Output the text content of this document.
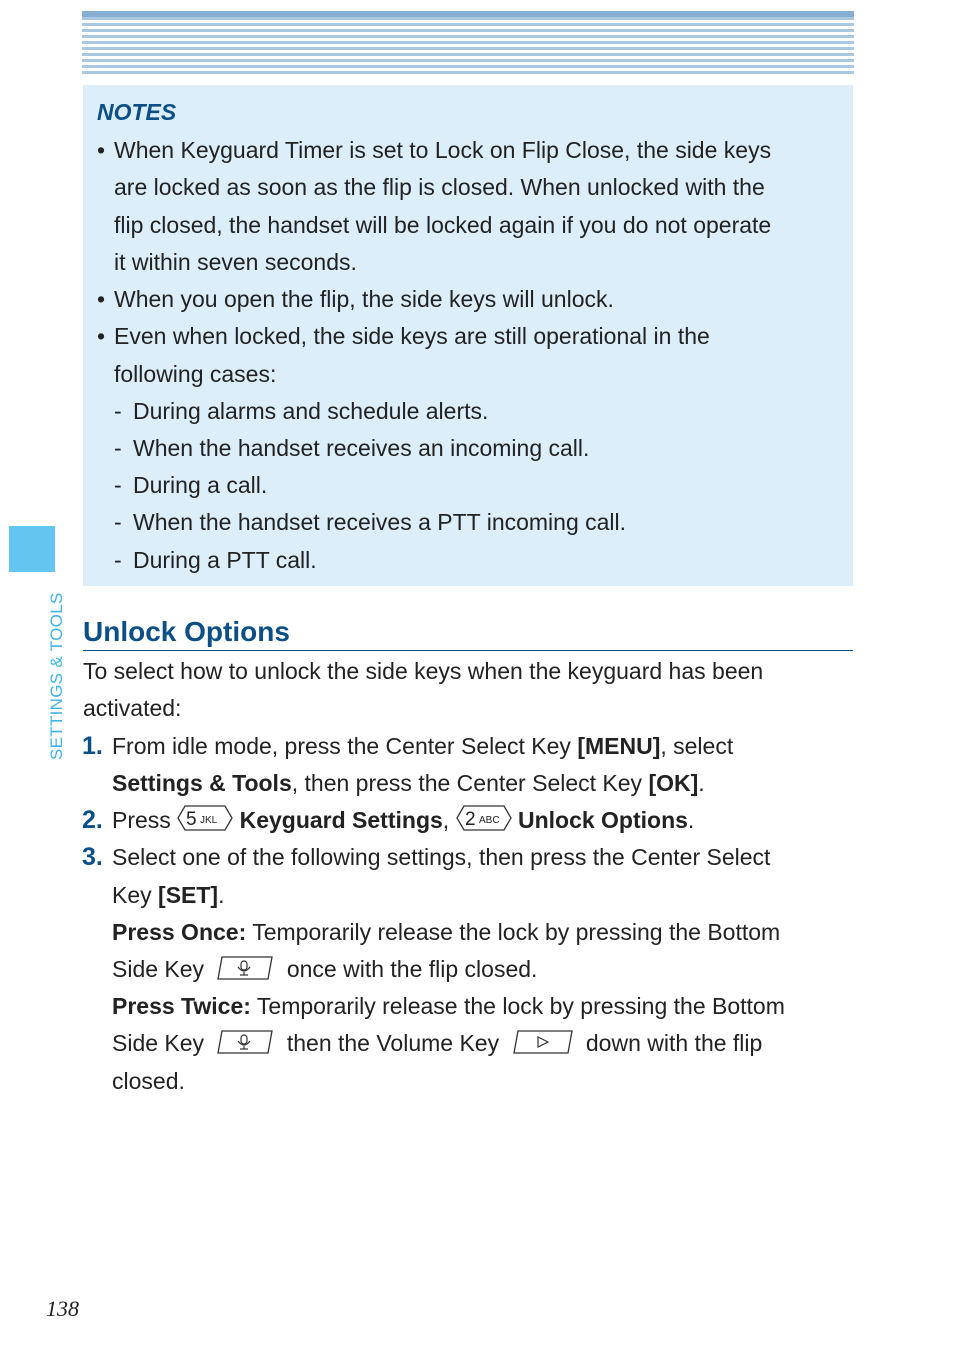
SETTINGS & TOOLS
NOTES
• When Keyguard Timer is set to Lock on Flip Close, the side keys
are locked as soon as the flip is closed. When unlocked with the
flip closed, the handset will be locked again if you do not operate
it within seven seconds.
• When you open the flip, the side keys will unlock.
• Even when locked, the side keys are still operational in the
following cases:
- During alarms and schedule alerts.
- When the handset receives an incoming call.
- During a call.
- When the handset receives a PTT incoming call.
- During a PTT call.
Unlock Options
To select how to unlock the side keys when the keyguard has been
activated:
1. From idle mode, press the Center Select Key [MENU], select
Settings & Tools, then press the Center Select Key [OK].
2. Press 5 JKL Keyguard Settings, 2 ABC Unlock Options.
3. Select one of the following settings, then press the Center Select
Key [SET].
Press Once: Temporarily release the lock by pressing the Bottom
Side Key	once with the flip closed.
Press Twice: Temporarily release the lock by pressing the Bottom
Side Key	then the Volume Key	down with the flip
closed.
138
